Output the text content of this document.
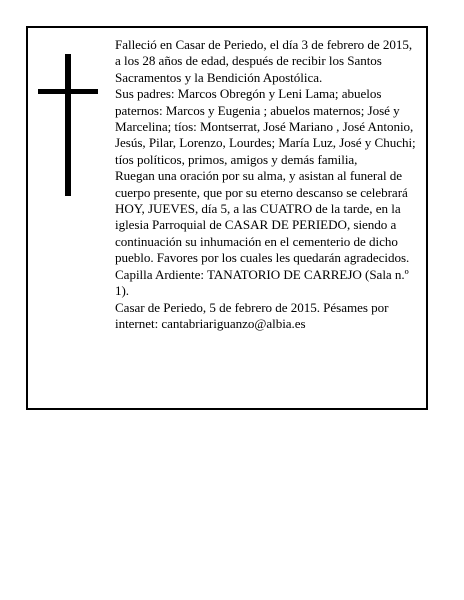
Falleció en Casar de Periedo, el día 3 de febrero de 2015, a los 28 años de edad, después de recibir los Santos Sacramentos y la Bendición Apostólica.

Sus padres: Marcos Obregón y Leni Lama; abuelos paternos: Marcos y Eugenia ; abuelos maternos; José y Marcelina; tíos: Montserrat, José Mariano , José Antonio, Jesús, Pilar, Lorenzo, Lourdes; María Luz, José y Chuchi; tíos políticos, primos, amigos y demás familia,

Ruegan una oración por su alma, y asistan al funeral de cuerpo presente, que por su eterno descanso se celebrará HOY, JUEVES, día 5, a las CUATRO de la tarde, en la iglesia Parroquial de CASAR DE PERIEDO, siendo a continuación su inhumación en el cementerio de dicho pueblo. Favores por los cuales les quedarán agradecidos. Capilla Ardiente: TANATORIO DE CARREJO (Sala n.º 1).

Casar de Periedo, 5 de febrero de 2015. Pésames por internet: cantabriariguanzo@albia.es
